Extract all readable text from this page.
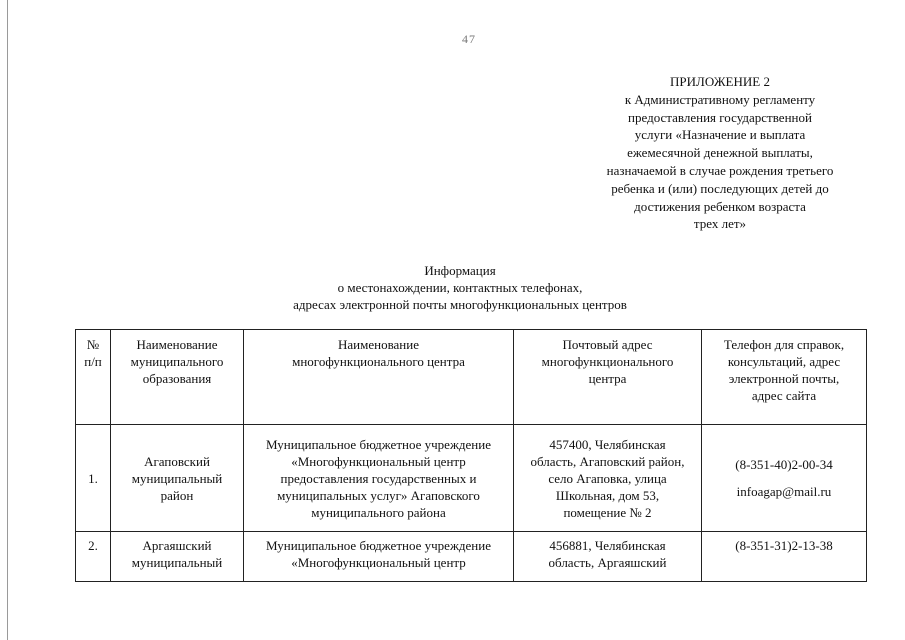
47
ПРИЛОЖЕНИЕ 2
к Административному регламенту
предоставления государственной
услуги «Назначение и выплата
ежемесячной денежной выплаты,
назначаемой в случае рождения третьего
ребенка и (или) последующих детей до
достижения ребенком возраста
трех лет»
Информация
о местонахождении, контактных телефонах,
адресах электронной почты многофункциональных центров
№
п/п	Наименование
муниципального
образования	Наименование
многофункционального центра	Почтовый адрес
многофункционального
центра	Телефон для справок,
консультаций, адрес
электронной почты,
адрес сайта

1.	Агаповский
муниципальный
район	Муниципальное бюджетное учреждение
«Многофункциональный центр
предоставления государственных и
муниципальных услуг» Агаповского
муниципального района	457400, Челябинская
область, Агаповский район,
село Агаповка, улица
Школьная, дом 53,
помещение № 2	(8-351-40)2-00-34
infoagap@mail.ru

2.	Аргаяшский
муниципальный	Муниципальное бюджетное учреждение
«Многофункциональный центр	456881, Челябинская
область, Аргаяшский	(8-351-31)2-13-38
